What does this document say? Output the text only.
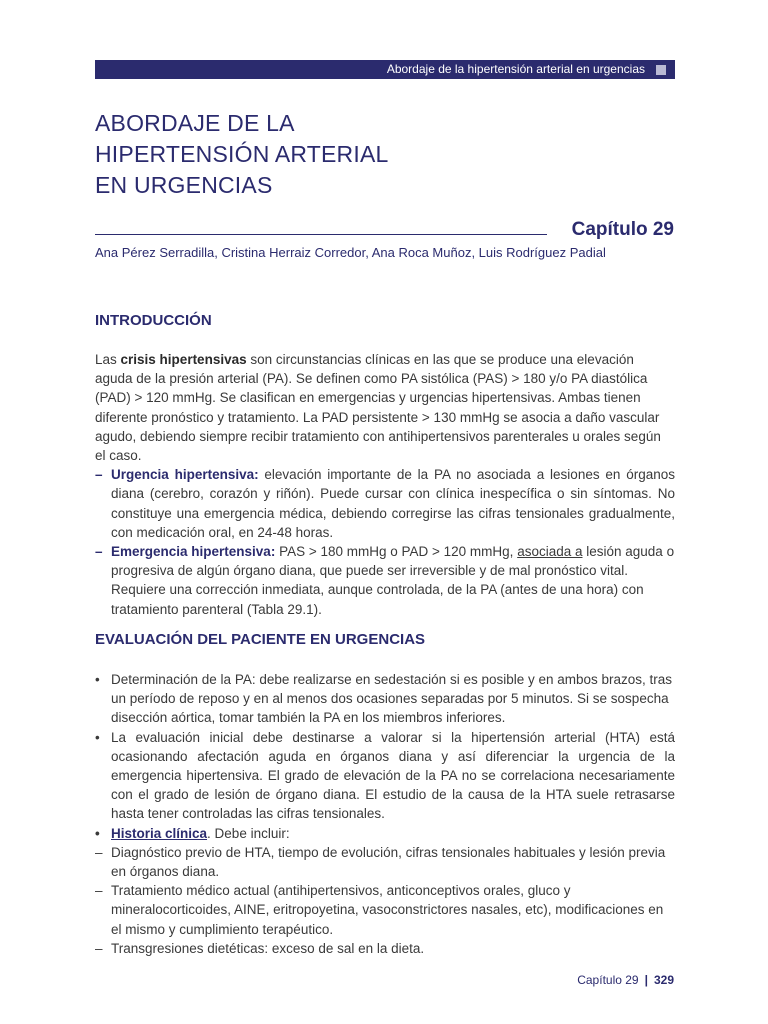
Abordaje de la hipertensión arterial en urgencias
ABORDAJE DE LA
HIPERTENSIÓN ARTERIAL
EN URGENCIAS
Capítulo 29
Ana Pérez Serradilla, Cristina Herraiz Corredor, Ana Roca Muñoz, Luis Rodríguez Padial
INTRODUCCIÓN

Las crisis hipertensivas son circunstancias clínicas en las que se produce una elevación aguda de la presión arterial (PA). Se definen como PA sistólica (PAS) > 180 y/o PA diastólica (PAD) > 120 mmHg. Se clasifican en emergencias y urgencias hipertensivas. Ambas tienen diferente pronóstico y tratamiento. La PAD persistente > 130 mmHg se asocia a daño vascular agudo, debiendo siempre recibir tratamiento con antihipertensivos parenterales u orales según el caso.

– Urgencia hipertensiva: elevación importante de la PA no asociada a lesiones en órganos diana (cerebro, corazón y riñón). Puede cursar con clínica inespecífica o sin síntomas. No constituye una emergencia médica, debiendo corregirse las cifras tensionales gradualmente, con medicación oral, en 24-48 horas.
– Emergencia hipertensiva: PAS > 180 mmHg o PAD > 120 mmHg, asociada a lesión aguda o progresiva de algún órgano diana, que puede ser irreversible y de mal pronóstico vital. Requiere una corrección inmediata, aunque controlada, de la PA (antes de una hora) con tratamiento parenteral (Tabla 29.1).
EVALUACIÓN DEL PACIENTE EN URGENCIAS
• Determinación de la PA: debe realizarse en sedestación si es posible y en ambos brazos, tras un período de reposo y en al menos dos ocasiones separadas por 5 minutos. Si se sospecha disección aórtica, tomar también la PA en los miembros inferiores.
• La evaluación inicial debe destinarse a valorar si la hipertensión arterial (HTA) está ocasionando afectación aguda en órganos diana y así diferenciar la urgencia de la emergencia hipertensiva. El grado de elevación de la PA no se correlaciona necesariamente con el grado de lesión de órgano diana. El estudio de la causa de la HTA suele retrasarse hasta tener controladas las cifras tensionales.
• Historia clínica. Debe incluir:
– Diagnóstico previo de HTA, tiempo de evolución, cifras tensionales habituales y lesión previa en órganos diana.
– Tratamiento médico actual (antihipertensivos, anticonceptivos orales, gluco y mineralocorticoides, AINE, eritropoyetina, vasoconstrictores nasales, etc), modificaciones en el mismo y cumplimiento terapéutico.
– Transgresiones dietéticas: exceso de sal en la dieta.
Capítulo 29 | 329
